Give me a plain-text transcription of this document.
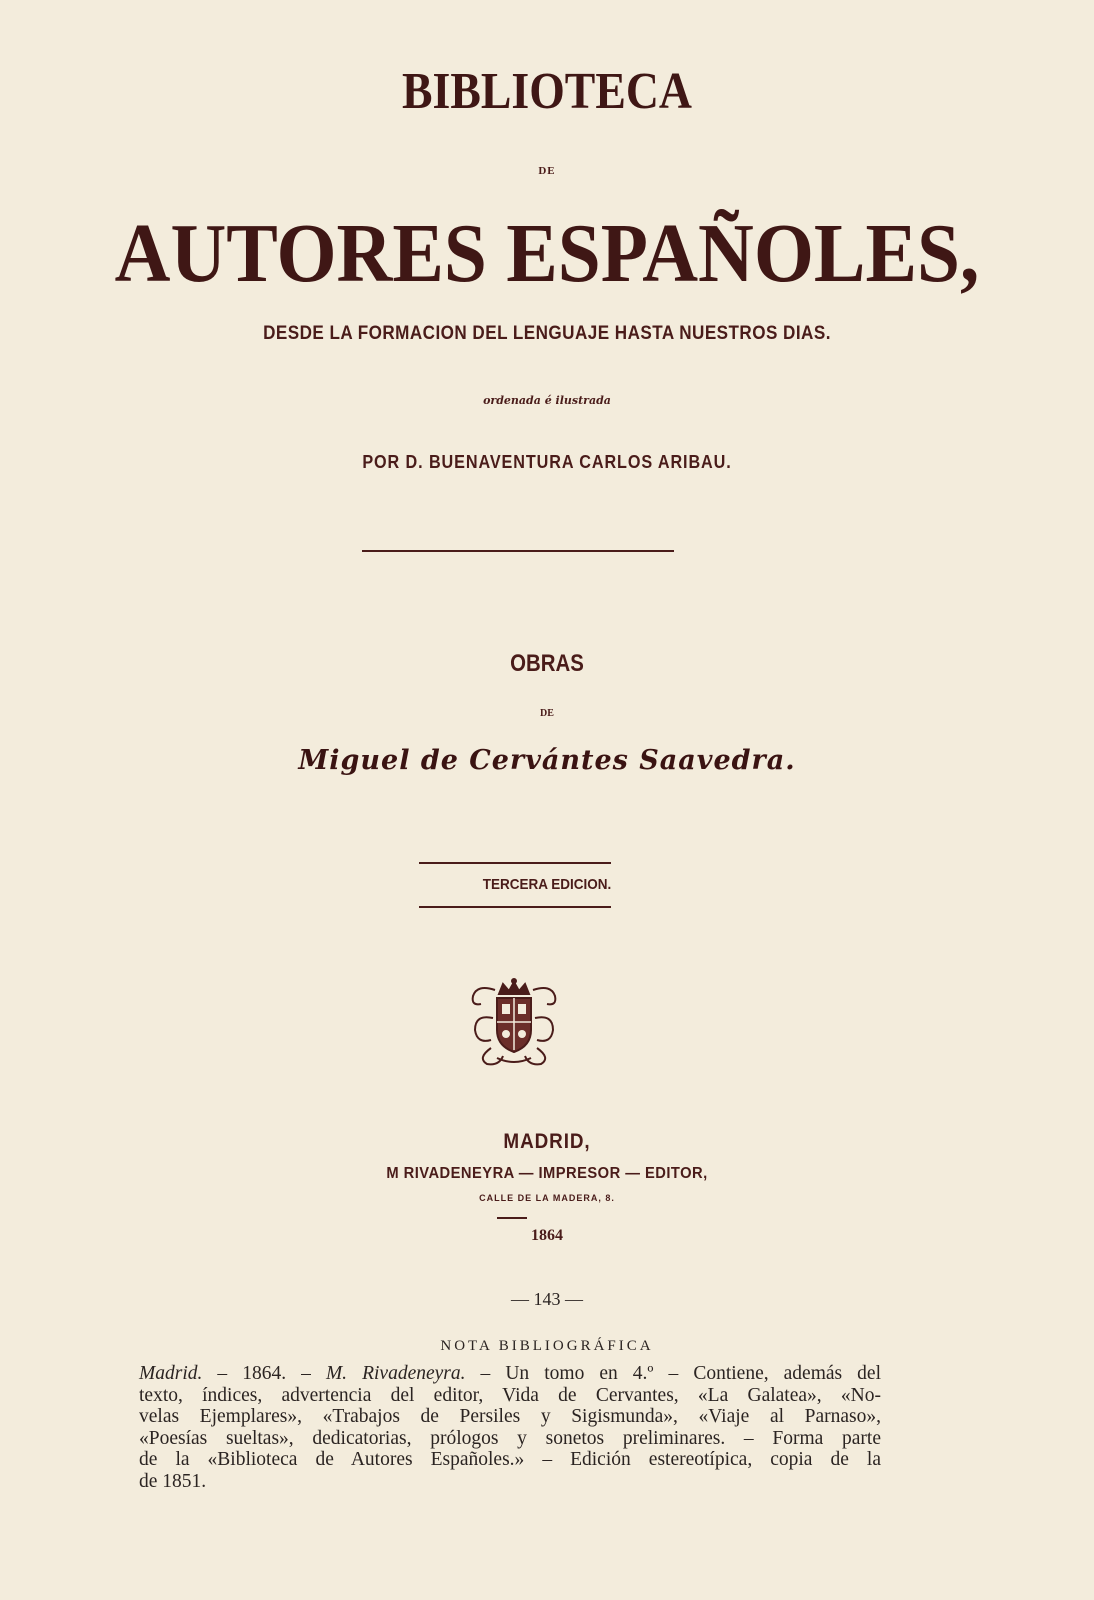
BIBLIOTECA
DE
AUTORES ESPAÑOLES,
DESDE LA FORMACION DEL LENGUAJE HASTA NUESTROS DIAS.
ordenada é ilustrada
POR D. BUENAVENTURA CARLOS ARIBAU.
OBRAS
DE
Miguel de Cervántes Saavedra.
TERCERA EDICION.
MADRID,
M RIVADENEYRA — IMPRESOR — EDITOR,
CALLE DE LA MADERA, 8.
1864
— 143 —
NOTA BIBLIOGRÁFICA
Madrid. – 1864. – M. Rivadeneyra. – Un tomo en 4.º – Contiene, además del
texto, índices, advertencia del editor, Vida de Cervantes, «La Galatea», «No-
velas Ejemplares», «Trabajos de Persiles y Sigismunda», «Viaje al Parnaso»,
«Poesías sueltas», dedicatorias, prólogos y sonetos preliminares. – Forma parte
de la «Biblioteca de Autores Españoles.» – Edición estereotípica, copia de la
de 1851.
